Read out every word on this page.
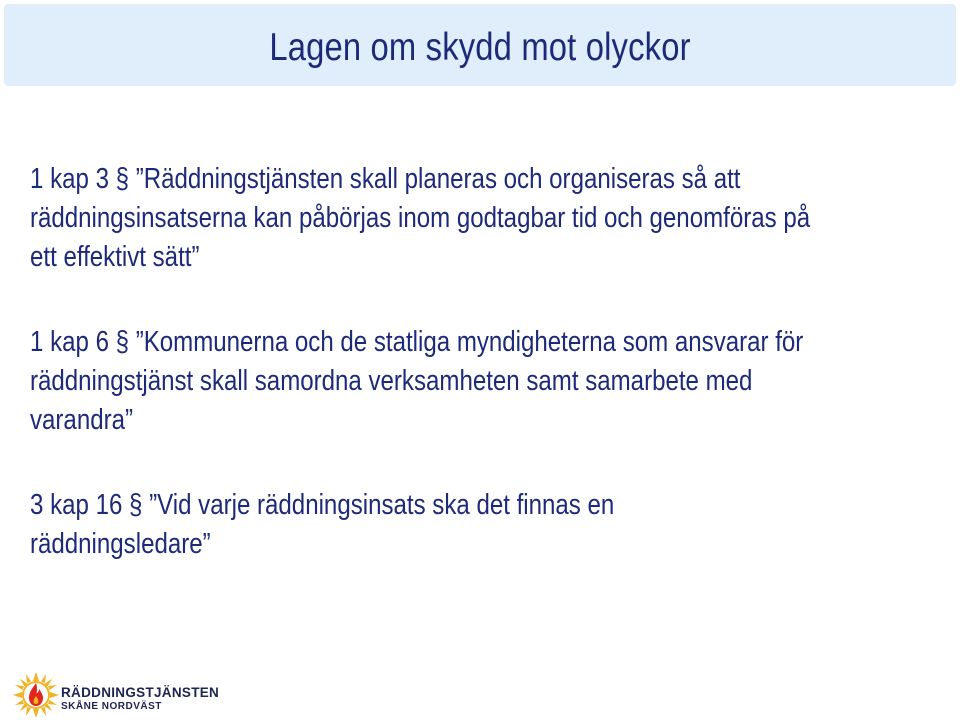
Lagen om skydd mot olyckor

1 kap 3 § ”Räddningstjänsten skall planeras och organiseras så att
räddningsinsatserna kan påbörjas inom godtagbar tid och genomföras på
ett effektivt sätt”

1 kap 6 § ”Kommunerna och de statliga myndigheterna som ansvarar för
räddningstjänst skall samordna verksamheten samt samarbete med
varandra”

3 kap 16 § ”Vid varje räddningsinsats ska det finnas en
räddningsledare”

RÄDDNINGSTJÄNSTEN
SKÅNE NORDVÄST
